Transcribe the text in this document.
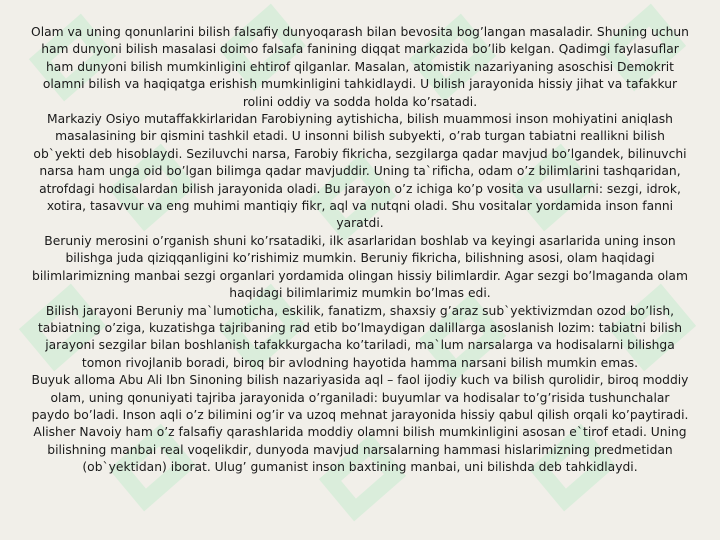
Olam va uning qonunlarini bilish falsafiy dunyoqarash bilan bevosita bog’langan masaladir. Shuning uchun ham dunyoni bilish masalasi doimo falsafa fanining diqqat markazida bo’lib kelgan. Qadimgi faylasuflar ham dunyoni bilish mumkinligini ehtirof qilganlar. Masalan, atomistik nazariyaning asoschisi Demokrit olamni bilish va haqiqatga erishish mumkinligini tahkidlaydi. U bilish jarayonida hissiy jihat va tafakkur rolini oddiy va sodda holda ko’rsatadi.

Markaziy Osiyo mutaffakkirlaridan Farobiyning aytishicha, bilish muammosi inson mohiyatini aniqlash masalasining bir qismini tashkil etadi. U insonni bilish subyekti, o’rab turgan tabiatni reallikni bilish ob`yekti deb hisoblaydi. Seziluvchi narsa, Farobiy fikricha, sezgilarga qadar mavjud bo’lgandek, bilinuvchi narsa ham unga oid bo’lgan bilimga qadar mavjuddir. Uning ta`rificha, odam o’z bilimlarini tashqaridan, atrofdagi hodisalardan bilish jarayonida oladi. Bu jarayon o’z ichiga ko’p vosita va usullarni: sezgi, idrok, xotira, tasavvur va eng muhimi mantiqiy fikr, aql va nutqni oladi. Shu vositalar yordamida inson fanni yaratdi.

Beruniy merosini o’rganish shuni ko’rsatadiki, ilk asarlaridan boshlab va keyingi asarlarida uning inson bilishga juda qiziqqanligini ko’rishimiz mumkin. Beruniy fikricha, bilishning asosi, olam haqidagi bilimlarimizning manbai sezgi organlari yordamida olingan hissiy bilimlardir. Agar sezgi bo’lmaganda olam haqidagi bilimlarimiz mumkin bo’lmas edi.

Bilish jarayoni Beruniy ma`lumoticha, eskilik, fanatizm, shaxsiy g’araz sub`yektivizmdan ozod bo’lish, tabiatning o’ziga, kuzatishga tajribaning rad etib bo’lmaydigan dalillarga asoslanish lozim: tabiatni bilish jarayoni sezgilar bilan boshlanish tafakkurgacha ko’tariladi, ma`lum narsalarga va hodisalarni bilishga tomon rivojlanib boradi, biroq bir avlodning hayotida hamma narsani bilish mumkin emas.

Buyuk alloma Abu Ali Ibn Sinoning bilish nazariyasida aql – faol ijodiy kuch va bilish qurolidir, biroq moddiy olam, uning qonuniyati tajriba jarayonida o’rganiladi: buyumlar va hodisalar to’g’risida tushunchalar paydo bo’ladi. Inson aqli o’z bilimini og’ir va uzoq mehnat jarayonida hissiy qabul qilish orqali ko’paytiradi.

Alisher Navoiy ham o’z falsafiy qarashlarida moddiy olamni bilish mumkinligini asosan e`tirof etadi. Uning bilishning manbai real voqelikdir, dunyoda mavjud narsalarning hammasi hislarimizning predmetidan (ob`yektidan) iborat. Ulug’ gumanist inson baxtining manbai, uni bilishda deb tahkidlaydi.
